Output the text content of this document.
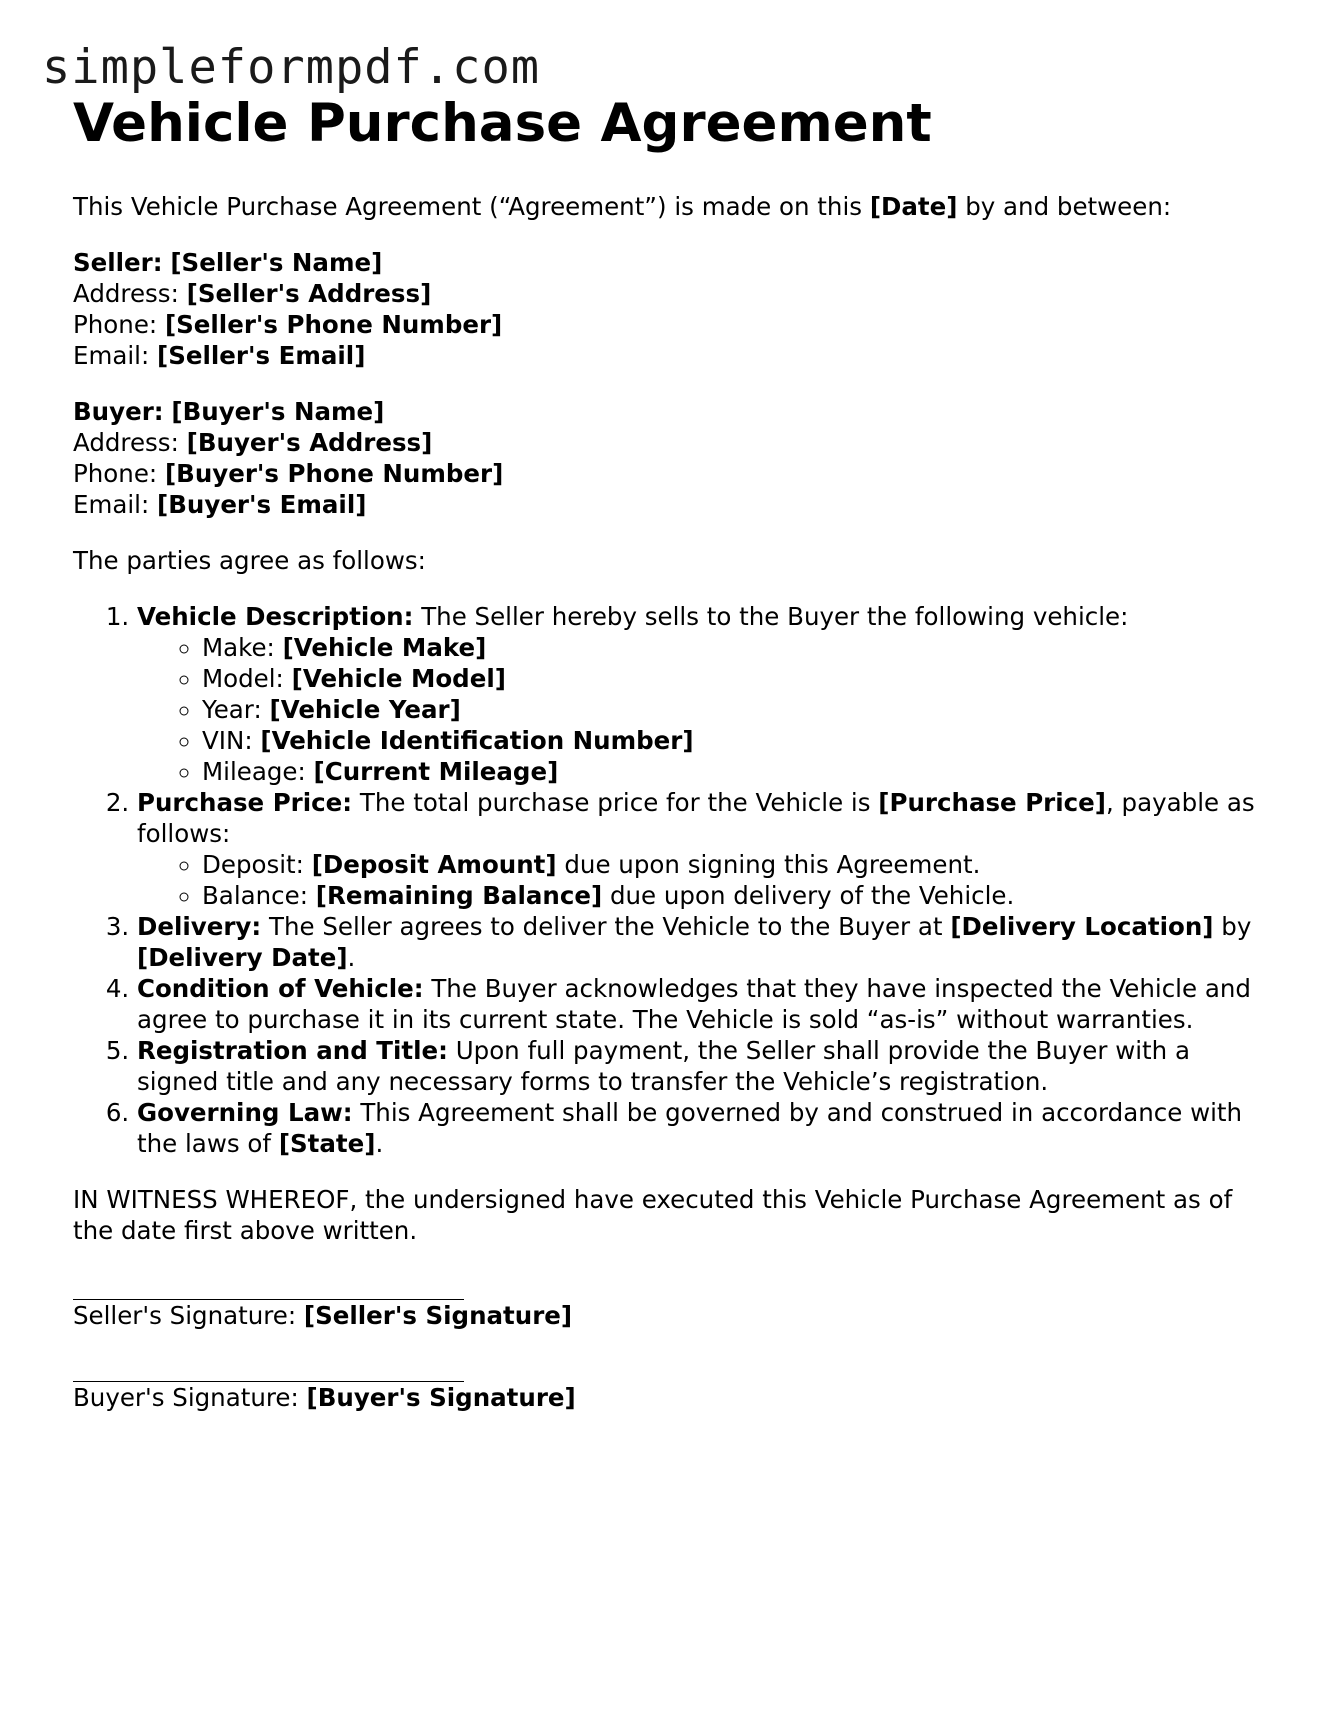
simpleformpdf.com
Vehicle Purchase Agreement

This Vehicle Purchase Agreement (“Agreement”) is made on this [Date] by and between:

Seller: [Seller's Name]
Address: [Seller's Address]
Phone: [Seller's Phone Number]
Email: [Seller's Email]
Buyer: [Buyer's Name]
Address: [Buyer's Address]
Phone: [Buyer's Phone Number]
Email: [Buyer's Email]

The parties agree as follows:

1. Vehicle Description: The Seller hereby sells to the Buyer the following vehicle:
◦ Make: [Vehicle Make]
◦ Model: [Vehicle Model]
◦ Year: [Vehicle Year]
◦ VIN: [Vehicle Identification Number]
◦ Mileage: [Current Mileage]
2. Purchase Price: The total purchase price for the Vehicle is [Purchase Price], payable as follows:
◦ Deposit: [Deposit Amount] due upon signing this Agreement.
◦ Balance: [Remaining Balance] due upon delivery of the Vehicle.
3. Delivery: The Seller agrees to deliver the Vehicle to the Buyer at [Delivery Location] by [Delivery Date].
4. Condition of Vehicle: The Buyer acknowledges that they have inspected the Vehicle and agree to purchase it in its current state. The Vehicle is sold “as-is” without warranties.
5. Registration and Title: Upon full payment, the Seller shall provide the Buyer with a signed title and any necessary forms to transfer the Vehicle’s registration.
6. Governing Law: This Agreement shall be governed by and construed in accordance with the laws of [State].

IN WITNESS WHEREOF, the undersigned have executed this Vehicle Purchase Agreement as of the date first above written.

Seller's Signature: [Seller's Signature]
Buyer's Signature: [Buyer's Signature]
